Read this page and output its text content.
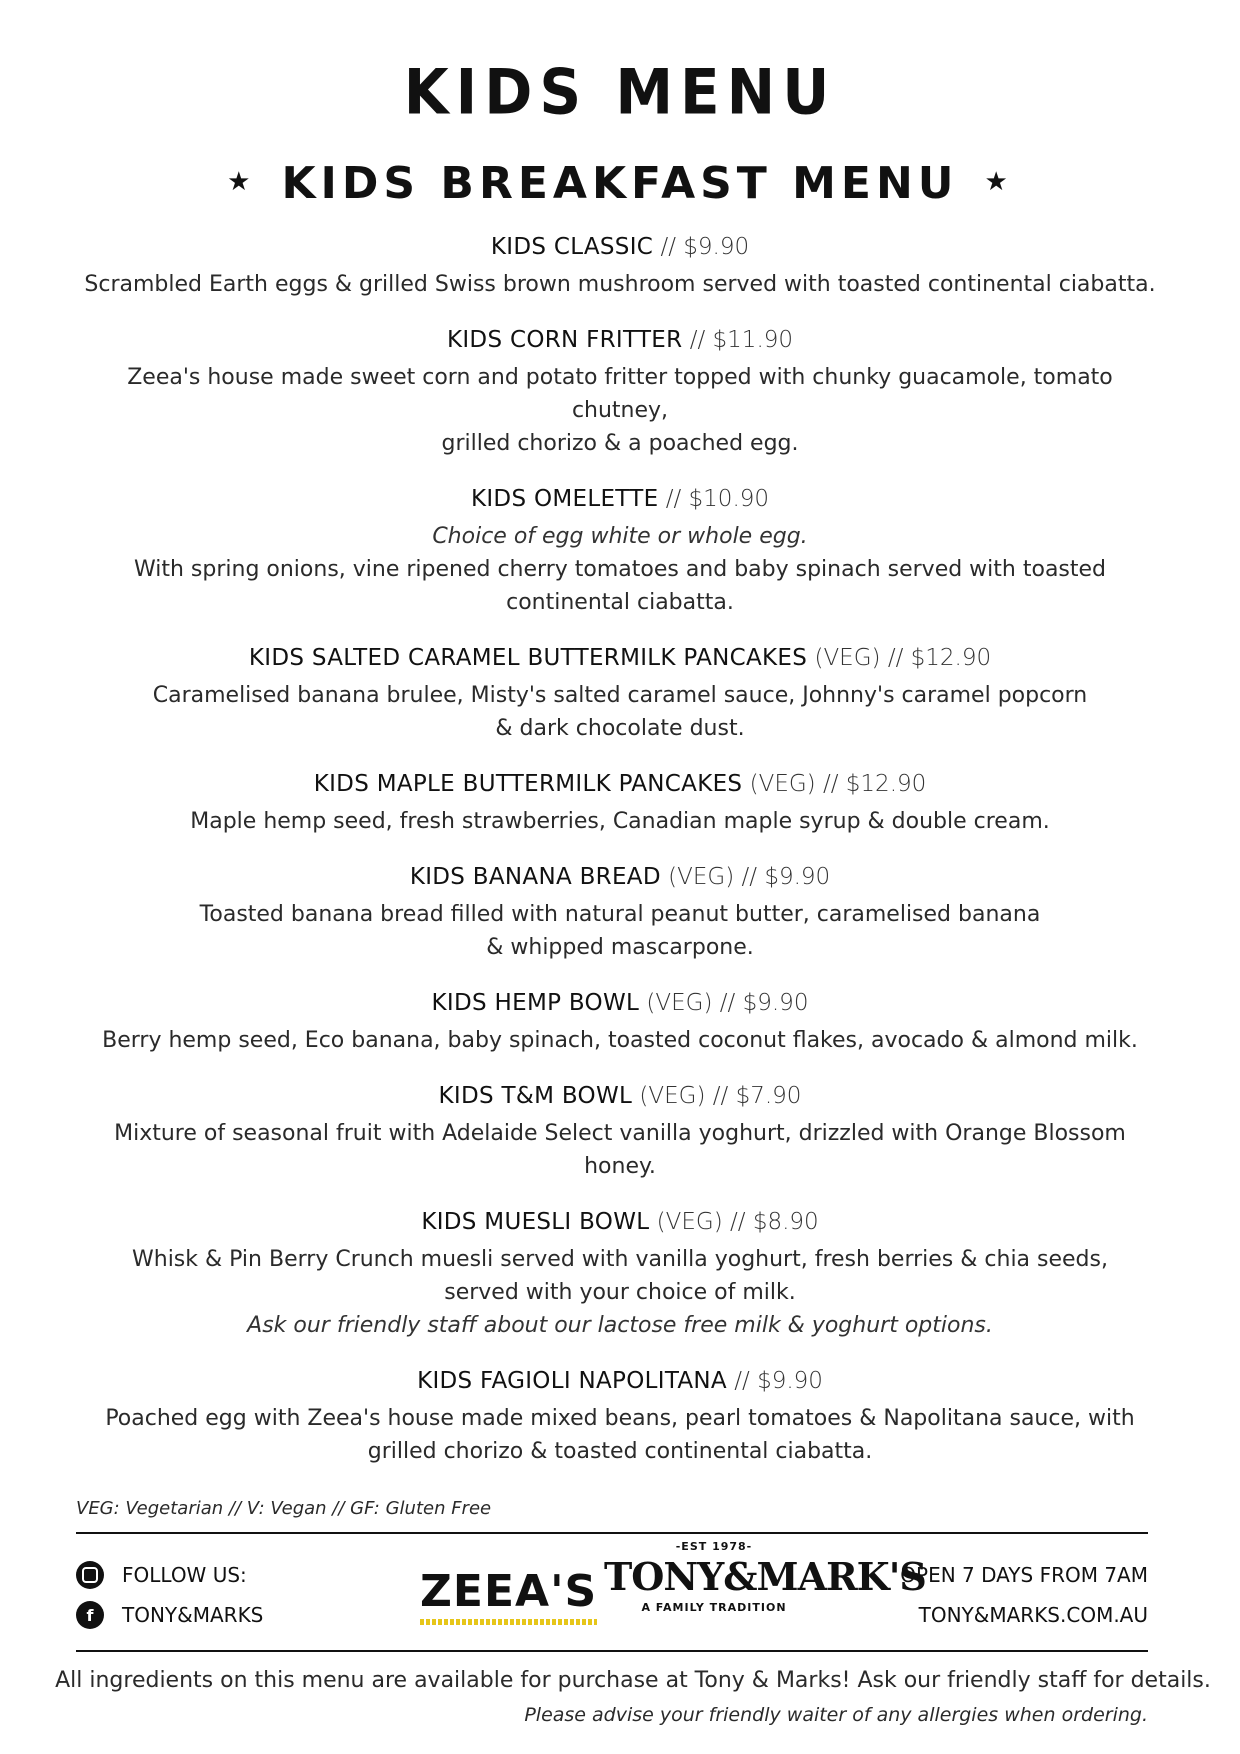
KIDS MENU
★ KIDS BREAKFAST MENU ★
KIDS CLASSIC // $9.90
Scrambled Earth eggs & grilled Swiss brown mushroom served with toasted continental ciabatta.
KIDS CORN FRITTER // $11.90
Zeea's house made sweet corn and potato fritter topped with chunky guacamole, tomato chutney,
grilled chorizo & a poached egg.
KIDS OMELETTE // $10.90
Choice of egg white or whole egg.
With spring onions, vine ripened cherry tomatoes and baby spinach served with toasted
continental ciabatta.
KIDS SALTED CARAMEL BUTTERMILK PANCAKES (VEG) // $12.90
Caramelised banana brulee, Misty's salted caramel sauce, Johnny's caramel popcorn
& dark chocolate dust.
KIDS MAPLE BUTTERMILK PANCAKES (VEG) // $12.90
Maple hemp seed, fresh strawberries, Canadian maple syrup & double cream.
KIDS BANANA BREAD (VEG) // $9.90
Toasted banana bread filled with natural peanut butter, caramelised banana
& whipped mascarpone.
KIDS HEMP BOWL (VEG) // $9.90
Berry hemp seed, Eco banana, baby spinach, toasted coconut flakes, avocado & almond milk.
KIDS T&M BOWL (VEG) // $7.90
Mixture of seasonal fruit with Adelaide Select vanilla yoghurt, drizzled with Orange Blossom honey.
KIDS MUESLI BOWL (VEG) // $8.90
Whisk & Pin Berry Crunch muesli served with vanilla yoghurt, fresh berries & chia seeds,
served with your choice of milk.
Ask our friendly staff about our lactose free milk & yoghurt options.
KIDS FAGIOLI NAPOLITANA // $9.90
Poached egg with Zeea's house made mixed beans, pearl tomatoes & Napolitana sauce, with
grilled chorizo & toasted continental ciabatta.
VEG: Vegetarian // V: Vegan // GF: Gluten Free
FOLLOW US:
f	TONY&MARKS	ZEEA'S
-EST 1978-
TONY&MARK'S
A FAMILY TRADITION
OPEN 7 DAYS FROM 7AM
TONY&MARKS.COM.AU
All ingredients on this menu are available for purchase at Tony & Marks! Ask our friendly staff for details.
Please advise your friendly waiter of any allergies when ordering.
